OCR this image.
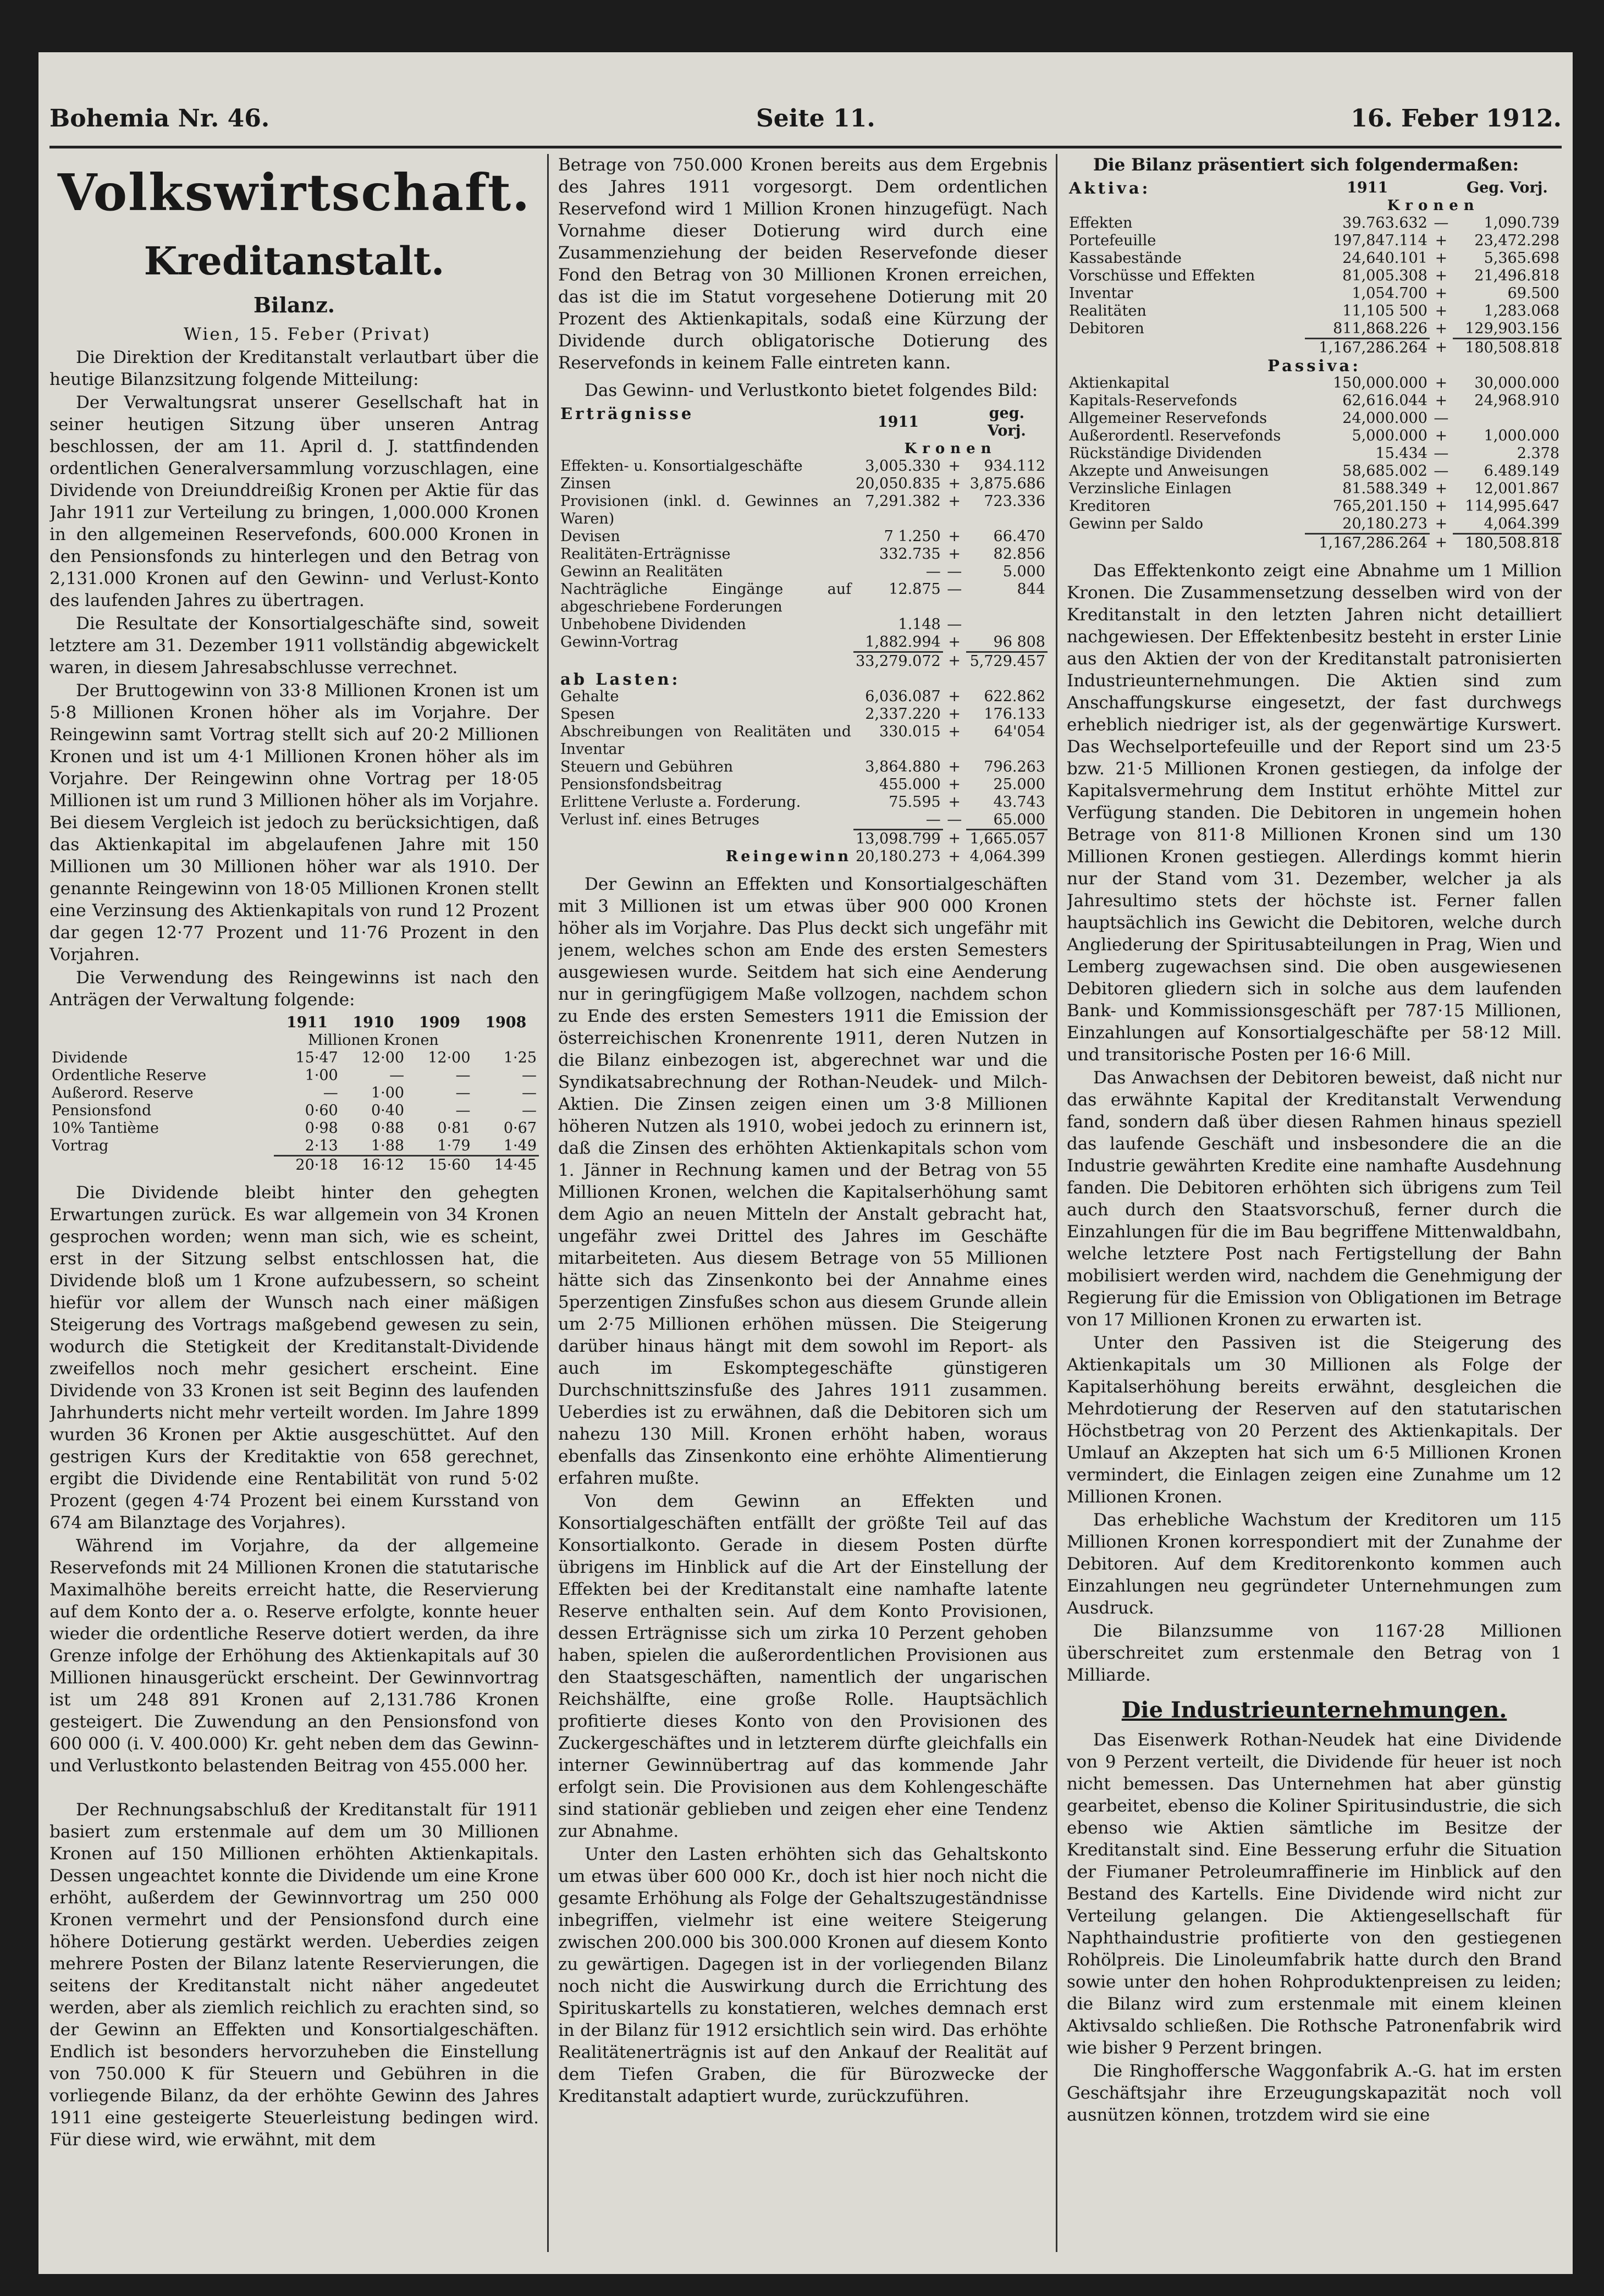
Bohemia Nr. 46.	Seite 11.	16. Feber 1912.
Volkswirtschaft.
Kreditanstalt.
Bilanz.
Wien, 15. Feber (Privat)
Die Direktion der Kreditanstalt verlautbart über die heutige Bilanzsitzung folgende Mitteilung:
Der Verwaltungsrat unserer Gesellschaft hat in seiner heutigen Sitzung über unseren Antrag beschlossen, der am 11. April d. J. stattfindenden ordentlichen Generalversammlung vorzuschlagen, eine Dividende von Dreiunddreißig Kronen per Aktie für das Jahr 1911 zur Verteilung zu bringen, 1,000.000 Kronen in den allgemeinen Reservefonds, 600.000 Kronen in den Pensionsfonds zu hinterlegen und den Betrag von 2,131.000 Kronen auf den Gewinn- und Verlust-Konto des laufenden Jahres zu übertragen.
Die Resultate der Konsortialgeschäfte sind, soweit letztere am 31. Dezember 1911 vollständig abgewickelt waren, in diesem Jahresabschlusse verrechnet.
Der Bruttogewinn von 33·8 Millionen Kronen ist um 5·8 Millionen Kronen höher als im Vorjahre. Der Reingewinn samt Vortrag stellt sich auf 20·2 Millionen Kronen und ist um 4·1 Millionen Kronen höher als im Vorjahre. Der Reingewinn ohne Vortrag per 18·05 Millionen ist um rund 3 Millionen höher als im Vorjahre. Bei diesem Vergleich ist jedoch zu berücksichtigen, daß das Aktienkapital im abgelaufenen Jahre mit 150 Millionen um 30 Millionen höher war als 1910. Der genannte Reingewinn von 18·05 Millionen Kronen stellt eine Verzinsung des Aktienkapitals von rund 12 Prozent dar gegen 12·77 Prozent und 11·76 Prozent in den Vorjahren.
Die Verwendung des Reingewinns ist nach den Anträgen der Verwaltung folgende:
	1911	1910	1909	1908
	Millionen Kronen			
Dividende	15·47	12·00	12·00	1·25
Ordentliche Reserve	1·00	—	—	—
Außerord. Reserve	—	1·00	—	—
Pensionsfond	0·60	0·40	—	—
10% Tantième	0·98	0·88	0·81	0·67
Vortrag	2·13	1·88	1·79	1·49
	20·18	16·12	15·60	14·45
Die Dividende bleibt hinter den gehegten Erwartungen zurück. Es war allgemein von 34 Kronen gesprochen worden; wenn man sich, wie es scheint, erst in der Sitzung selbst entschlossen hat, die Dividende bloß um 1 Krone aufzubessern, so scheint hiefür vor allem der Wunsch nach einer mäßigen Steigerung des Vortrags maßgebend gewesen zu sein, wodurch die Stetigkeit der Kreditanstalt-Dividende zweifellos noch mehr gesichert erscheint. Eine Dividende von 33 Kronen ist seit Beginn des laufenden Jahrhunderts nicht mehr verteilt worden. Im Jahre 1899 wurden 36 Kronen per Aktie ausgeschüttet. Auf den gestrigen Kurs der Kreditaktie von 658 gerechnet, ergibt die Dividende eine Rentabilität von rund 5·02 Prozent (gegen 4·74 Prozent bei einem Kursstand von 674 am Bilanztage des Vorjahres).
Während im Vorjahre, da der allgemeine Reservefonds mit 24 Millionen Kronen die statutarische Maximalhöhe bereits erreicht hatte, die Reservierung auf dem Konto der a. o. Reserve erfolgte, konnte heuer wieder die ordentliche Reserve dotiert werden, da ihre Grenze infolge der Erhöhung des Aktienkapitals auf 30 Millionen hinausgerückt erscheint. Der Gewinnvortrag ist um 248 891 Kronen auf 2,131.786 Kronen gesteigert. Die Zuwendung an den Pensionsfond von 600 000 (i. V. 400.000) Kr. geht neben dem das Gewinn- und Verlustkonto belastenden Beitrag von 455.000 her.
Der Rechnungsabschluß der Kreditanstalt für 1911 basiert zum erstenmale auf dem um 30 Millionen Kronen auf 150 Millionen erhöhten Aktienkapitals. Dessen ungeachtet konnte die Dividende um eine Krone erhöht, außerdem der Gewinnvortrag um 250 000 Kronen vermehrt und der Pensionsfond durch eine höhere Dotierung gestärkt werden. Ueberdies zeigen mehrere Posten der Bilanz latente Reservierungen, die seitens der Kreditanstalt nicht näher angedeutet werden, aber als ziemlich reichlich zu erachten sind, so der Gewinn an Effekten und Konsortialgeschäften. Endlich ist besonders hervorzuheben die Einstellung von 750.000 K für Steuern und Gebühren in die vorliegende Bilanz, da der erhöhte Gewinn des Jahres 1911 eine gesteigerte Steuerleistung bedingen wird. Für diese wird, wie erwähnt, mit dem
Betrage von 750.000 Kronen bereits aus dem Ergebnis des Jahres 1911 vorgesorgt. Dem ordentlichen Reservefond wird 1 Million Kronen hinzugefügt. Nach Vornahme dieser Dotierung wird durch eine Zusammenziehung der beiden Reservefonde dieser Fond den Betrag von 30 Millionen Kronen erreichen, das ist die im Statut vorgesehene Dotierung mit 20 Prozent des Aktienkapitals, sodaß eine Kürzung der Dividende durch obligatorische Dotierung des Reservefonds in keinem Falle eintreten kann.
Das Gewinn- und Verlustkonto bietet folgendes Bild:
Erträgnisse	1911		geg. Vorj.
	Kronen		
Effekten- u. Konsortialgeschäfte	3,005.330	+	934.112
Zinsen	20,050.835	+	3,875.686
Provisionen (inkl. d. Gewinnes an Waren)	7,291.382	+	723.336
Devisen	7 1.250	+	66.470
Realitäten-Erträgnisse	332.735	+	82.856
Gewinn an Realitäten	—	—	5.000
Nachträgliche Eingänge auf abgeschriebene Forderungen	12.875	—	844
Unbehobene Dividenden	1.148	—	
Gewinn-Vortrag	1,882.994	+	96 808
	33,279.072	+	5,729.457
ab Lasten:			
Gehalte	6,036.087	+	622.862
Spesen	2,337.220	+	176.133
Abschreibungen von Realitäten und Inventar	330.015	+	64'054
Steuern und Gebühren	3,864.880	+	796.263
Pensionsfondsbeitrag	455.000	+	25.000
Erlittene Verluste a. Forderung.	75.595	+	43.743
Verlust inf. eines Betruges	—	—	65.000
	13,098.799	+	1,665.057
Reingewinn	20,180.273	+	4,064.399
Der Gewinn an Effekten und Konsortialgeschäften mit 3 Millionen ist um etwas über 900 000 Kronen höher als im Vorjahre. Das Plus deckt sich ungefähr mit jenem, welches schon am Ende des ersten Semesters ausgewiesen wurde. Seitdem hat sich eine Aenderung nur in geringfügigem Maße vollzogen, nachdem schon zu Ende des ersten Semesters 1911 die Emission der österreichischen Kronenrente 1911, deren Nutzen in die Bilanz einbezogen ist, abgerechnet war und die Syndikatsabrechnung der Rothan-Neudek- und Milch-Aktien. Die Zinsen zeigen einen um 3·8 Millionen höheren Nutzen als 1910, wobei jedoch zu erinnern ist, daß die Zinsen des erhöhten Aktienkapitals schon vom 1. Jänner in Rechnung kamen und der Betrag von 55 Millionen Kronen, welchen die Kapitalserhöhung samt dem Agio an neuen Mitteln der Anstalt gebracht hat, ungefähr zwei Drittel des Jahres im Geschäfte mitarbeiteten. Aus diesem Betrage von 55 Millionen hätte sich das Zinsenkonto bei der Annahme eines 5perzentigen Zinsfußes schon aus diesem Grunde allein um 2·75 Millionen erhöhen müssen. Die Steigerung darüber hinaus hängt mit dem sowohl im Report- als auch im Eskomptegeschäfte günstigeren Durchschnittszinsfuße des Jahres 1911 zusammen. Ueberdies ist zu erwähnen, daß die Debitoren sich um nahezu 130 Mill. Kronen erhöht haben, woraus ebenfalls das Zinsenkonto eine erhöhte Alimentierung erfahren mußte.
Von dem Gewinn an Effekten und Konsortialgeschäften entfällt der größte Teil auf das Konsortialkonto. Gerade in diesem Posten dürfte übrigens im Hinblick auf die Art der Einstellung der Effekten bei der Kreditanstalt eine namhafte latente Reserve enthalten sein. Auf dem Konto Provisionen, dessen Erträgnisse sich um zirka 10 Perzent gehoben haben, spielen die außerordentlichen Provisionen aus den Staatsgeschäften, namentlich der ungarischen Reichshälfte, eine große Rolle. Hauptsächlich profitierte dieses Konto von den Provisionen des Zuckergeschäftes und in letzterem dürfte gleichfalls ein interner Gewinnübertrag auf das kommende Jahr erfolgt sein. Die Provisionen aus dem Kohlengeschäfte sind stationär geblieben und zeigen eher eine Tendenz zur Abnahme.
Unter den Lasten erhöhten sich das Gehaltskonto um etwas über 600 000 Kr., doch ist hier noch nicht die gesamte Erhöhung als Folge der Gehaltszugeständnisse inbegriffen, vielmehr ist eine weitere Steigerung zwischen 200.000 bis 300.000 Kronen auf diesem Konto zu gewärtigen. Dagegen ist in der vorliegenden Bilanz noch nicht die Auswirkung durch die Errichtung des Spirituskartells zu konstatieren, welches demnach erst in der Bilanz für 1912 ersichtlich sein wird. Das erhöhte Realitätenerträgnis ist auf den Ankauf der Realität auf dem Tiefen Graben, die für Bürozwecke der Kreditanstalt adaptiert wurde, zurückzuführen.
Die Bilanz präsentiert sich folgendermaßen:
Aktiva:	1911		Geg. Vorj.
	Kronen		
Effekten	39.763.632	—	1,090.739
Portefeuille	197,847.114	+	23,472.298
Kassabestände	24,640.101	+	5,365.698
Vorschüsse und Effekten	81,005.308	+	21,496.818
Inventar	1,054.700	+	69.500
Realitäten	11,105 500	+	1,283.068
Debitoren	811,868.226	+	129,903.156
	1,167,286.264	+	180,508.818
Passiva:			
Aktienkapital	150,000.000	+	30,000.000
Kapitals-Reservefonds	62,616.044	+	24,968.910
Allgemeiner Reservefonds	24,000.000	—	
Außerordentl. Reservefonds	5,000.000	+	1,000.000
Rückständige Dividenden	15.434	—	2.378
Akzepte und Anweisungen	58,685.002	—	6.489.149
Verzinsliche Einlagen	81.588.349	+	12,001.867
Kreditoren	765,201.150	+	114,995.647
Gewinn per Saldo	20,180.273	+	4,064.399
	1,167,286.264	+	180,508.818
Das Effektenkonto zeigt eine Abnahme um 1 Million Kronen. Die Zusammensetzung desselben wird von der Kreditanstalt in den letzten Jahren nicht detailliert nachgewiesen. Der Effektenbesitz besteht in erster Linie aus den Aktien der von der Kreditanstalt patronisierten Industrieunternehmungen. Die Aktien sind zum Anschaffungskurse eingesetzt, der fast durchwegs erheblich niedriger ist, als der gegenwärtige Kurswert. Das Wechselportefeuille und der Report sind um 23·5 bzw. 21·5 Millionen Kronen gestiegen, da infolge der Kapitalsvermehrung dem Institut erhöhte Mittel zur Verfügung standen. Die Debitoren in ungemein hohen Betrage von 811·8 Millionen Kronen sind um 130 Millionen Kronen gestiegen. Allerdings kommt hierin nur der Stand vom 31. Dezember, welcher ja als Jahresultimo stets der höchste ist. Ferner fallen hauptsächlich ins Gewicht die Debitoren, welche durch Angliederung der Spiritusabteilungen in Prag, Wien und Lemberg zugewachsen sind. Die oben ausgewiesenen Debitoren gliedern sich in solche aus dem laufenden Bank- und Kommissionsgeschäft per 787·15 Millionen, Einzahlungen auf Konsortialgeschäfte per 58·12 Mill. und transitorische Posten per 16·6 Mill.
Das Anwachsen der Debitoren beweist, daß nicht nur das erwähnte Kapital der Kreditanstalt Verwendung fand, sondern daß über diesen Rahmen hinaus speziell das laufende Geschäft und insbesondere die an die Industrie gewährten Kredite eine namhafte Ausdehnung fanden. Die Debitoren erhöhten sich übrigens zum Teil auch durch den Staatsvorschuß, ferner durch die Einzahlungen für die im Bau begriffene Mittenwaldbahn, welche letztere Post nach Fertigstellung der Bahn mobilisiert werden wird, nachdem die Genehmigung der Regierung für die Emission von Obligationen im Betrage von 17 Millionen Kronen zu erwarten ist.
Unter den Passiven ist die Steigerung des Aktienkapitals um 30 Millionen als Folge der Kapitalserhöhung bereits erwähnt, desgleichen die Mehrdotierung der Reserven auf den statutarischen Höchstbetrag von 20 Perzent des Aktienkapitals. Der Umlauf an Akzepten hat sich um 6·5 Millionen Kronen vermindert, die Einlagen zeigen eine Zunahme um 12 Millionen Kronen.
Das erhebliche Wachstum der Kreditoren um 115 Millionen Kronen korrespondiert mit der Zunahme der Debitoren. Auf dem Kreditorenkonto kommen auch Einzahlungen neu gegründeter Unternehmungen zum Ausdruck.
Die Bilanzsumme von 1167·28 Millionen überschreitet zum erstenmale den Betrag von 1 Milliarde.
Die Industrieunternehmungen.
Das Eisenwerk Rothan-Neudek hat eine Dividende von 9 Perzent verteilt, die Dividende für heuer ist noch nicht bemessen. Das Unternehmen hat aber günstig gearbeitet, ebenso die Koliner Spiritusindustrie, die sich ebenso wie Aktien sämtliche im Besitze der Kreditanstalt sind. Eine Besserung erfuhr die Situation der Fiumaner Petroleumraffinerie im Hinblick auf den Bestand des Kartells. Eine Dividende wird nicht zur Verteilung gelangen. Die Aktiengesellschaft für Naphthaindustrie profitierte von den gestiegenen Rohölpreis. Die Linoleumfabrik hatte durch den Brand sowie unter den hohen Rohproduktenpreisen zu leiden; die Bilanz wird zum erstenmale mit einem kleinen Aktivsaldo schließen. Die Rothsche Patronenfabrik wird wie bisher 9 Perzent bringen.
Die Ringhoffersche Waggonfabrik A.-G. hat im ersten Geschäftsjahr ihre Erzeugungskapazität noch voll ausnützen können, trotzdem wird sie eine
